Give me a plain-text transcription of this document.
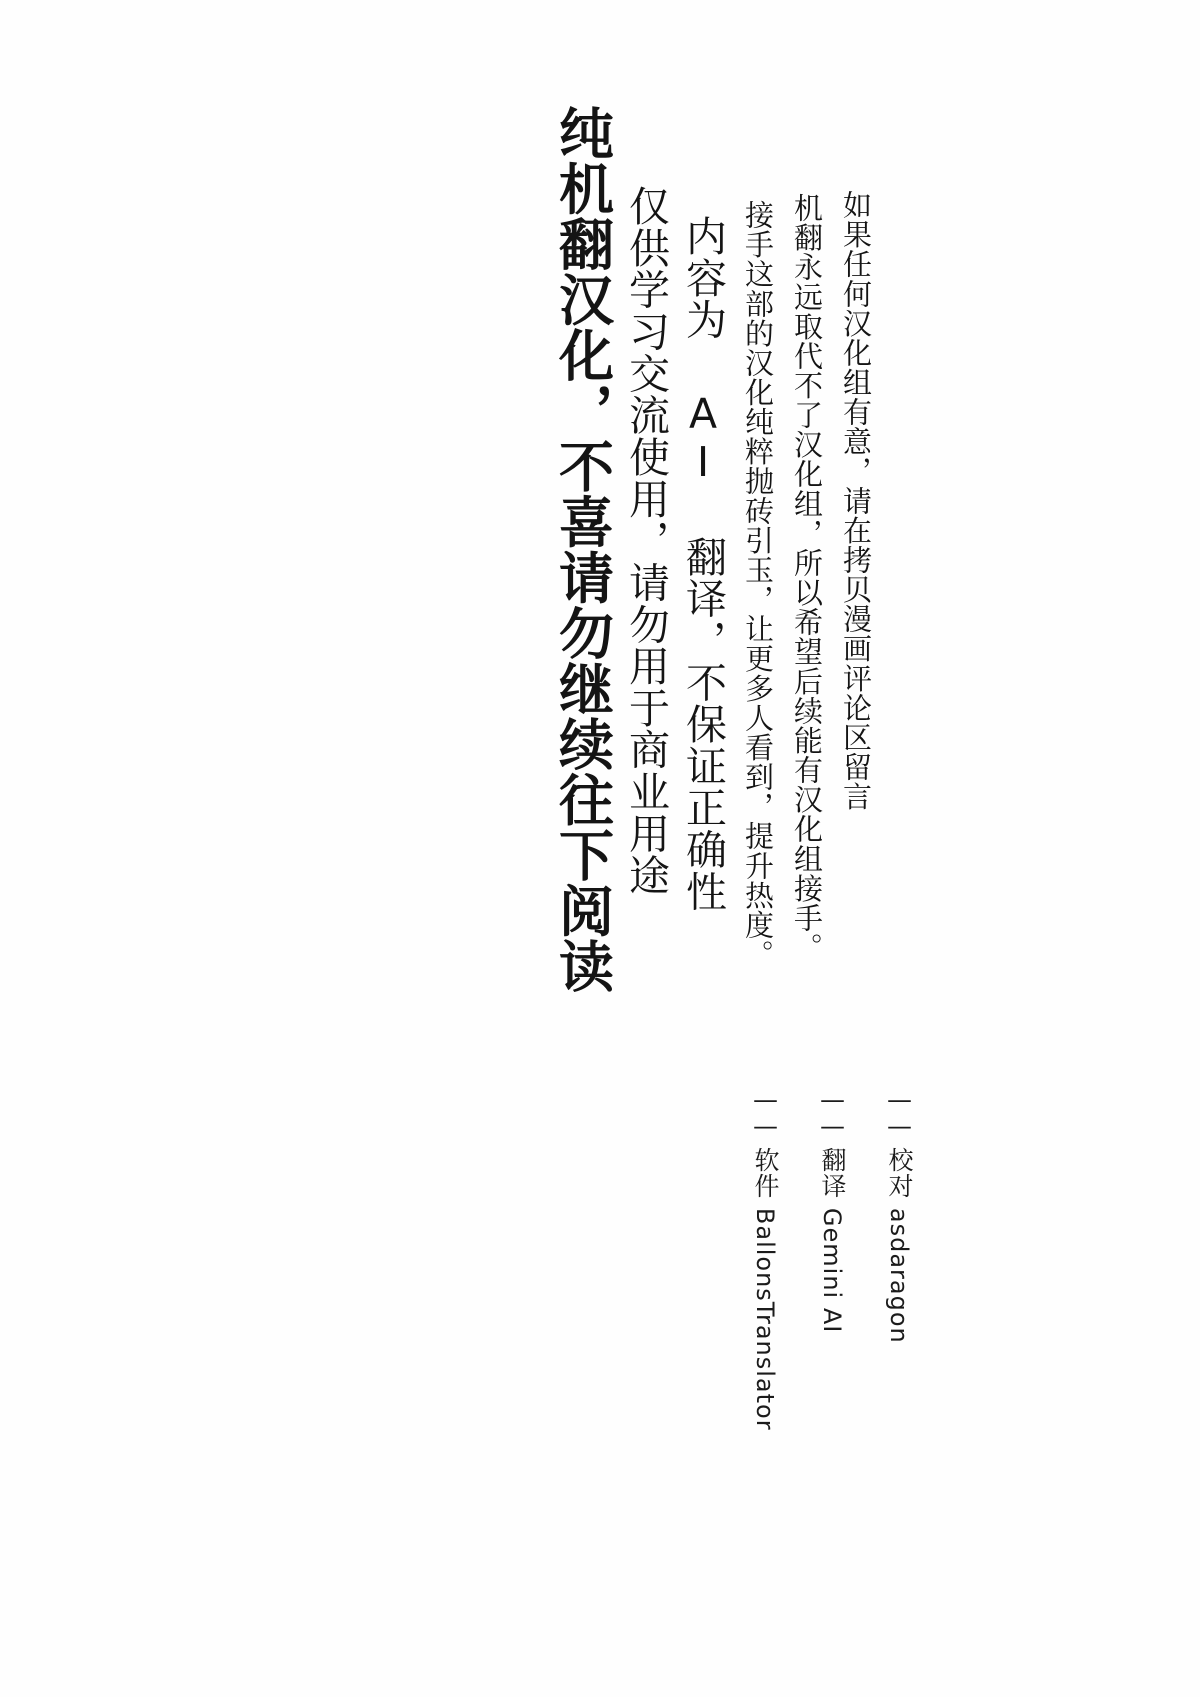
纯机翻汉化，不喜请勿继续往下阅读 仅供学习交流使用，请勿用于商业用途 内容为 AI 翻译，不保证正确性 接手这部的汉化纯粹抛砖引玉，让更多人看到，提升热度。 机翻永远取代不了汉化组，所以希望后续能有汉化组接手。 如果任何汉化组有意，请在拷贝漫画评论区留言
—— 软件 BallonsTranslator
—— 翻译 Gemini AI
—— 校对 asdaragon
